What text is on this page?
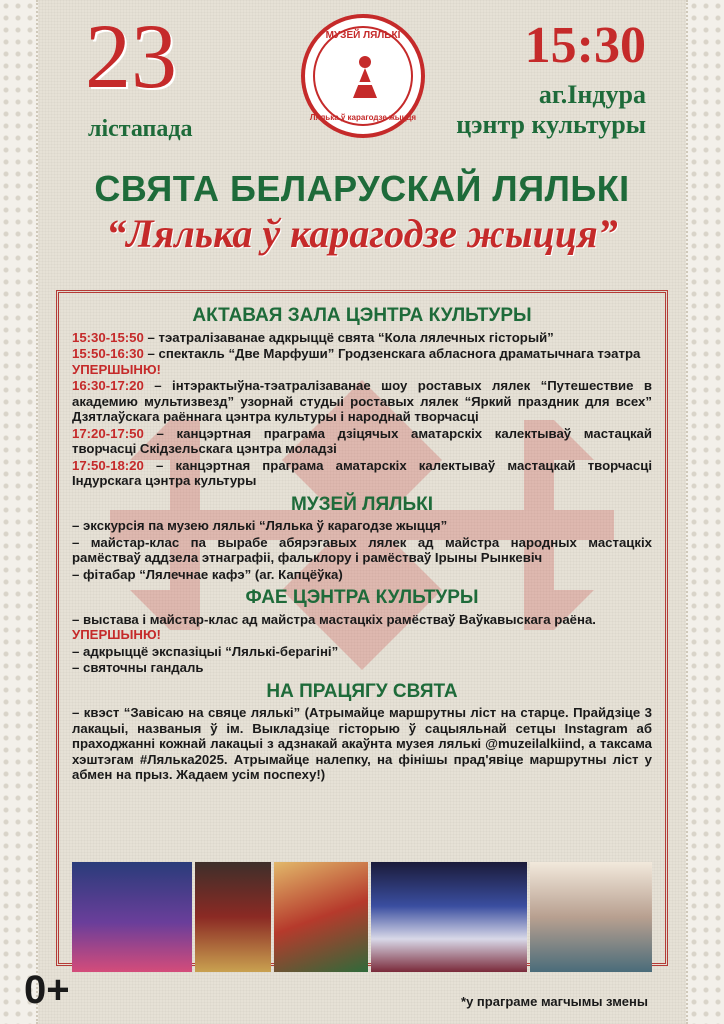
23
лістапада
МУЗЕЙ ЛЯЛЬКІ
Лялька ў карагодзе жыцця
15:30
аг.Індура
цэнтр культуры
СВЯТА БЕЛАРУСКАЙ ЛЯЛЬКІ
“Лялька ў карагодзе жыцця”
АКТАВАЯ ЗАЛА ЦЭНТРА КУЛЬТУРЫ

15:30-15:50 – тэатралізаванае адкрыццё свята “Кола лялечных гісторый”

15:50-16:30 – спектакль “Две Марфуши” Гродзенскага абласнога драматычнага тэатра
УПЕРШЫНЮ!

16:30-17:20 – інтэрактыўна-тэатралізаванае шоу роставых лялек “Путешествие в академию мультизвезд” узорнай студыі роставых лялек “Яркий праздник для всех” Дзятлаўскага раённага цэнтра культуры і народнай творчасці

17:20-17:50 – канцэртная праграма дзіцячых аматарскіх калектываў мастацкай творчасці Скідзельскага цэнтра моладзі

17:50-18:20 – канцэртная праграма аматарскіх калектываў мастацкай творчасці Індурскага цэнтра культуры

МУЗЕЙ ЛЯЛЬКІ

– экскурсія па музею лялькі “Лялька ў карагодзе жыцця”

– майстар-клас па вырабе абярэгавых лялек ад майстра народных мастацкіх рамёстваў аддзела этнаграфіі, фальклору і рамёстваў Ірыны Рынкевіч

– фітабар “Лялечнае кафэ” (аг. Капцёўка)

ФАЕ ЦЭНТРА КУЛЬТУРЫ

– выстава і майстар-клас ад майстра мастацкіх рамёстваў Ваўкавыскага раёна.
УПЕРШЫНЮ!

– адкрыццё экспазіцыі “Лялькі-берагіні”

– святочны гандаль

НА ПРАЦЯГУ СВЯТА

– квэст “Завісаю на свяце лялькі” (Атрымайце маршрутны ліст на старце. Прайдзіце 3 лакацыі, названыя ў ім. Выкладзіце гісторыю ў сацыяльнай сетцы Instagram аб праходжанні кожнай лакацыі з адзнакай акаўнта музея лялькі @muzeilalkiind, а таксама хэштэгам #Лялька2025. Атрымайце налепку, на фінішы прад'явіце маршрутны ліст у абмен на прыз. Жадаем усім поспеху!)

0+	*у праграме магчымы змены
